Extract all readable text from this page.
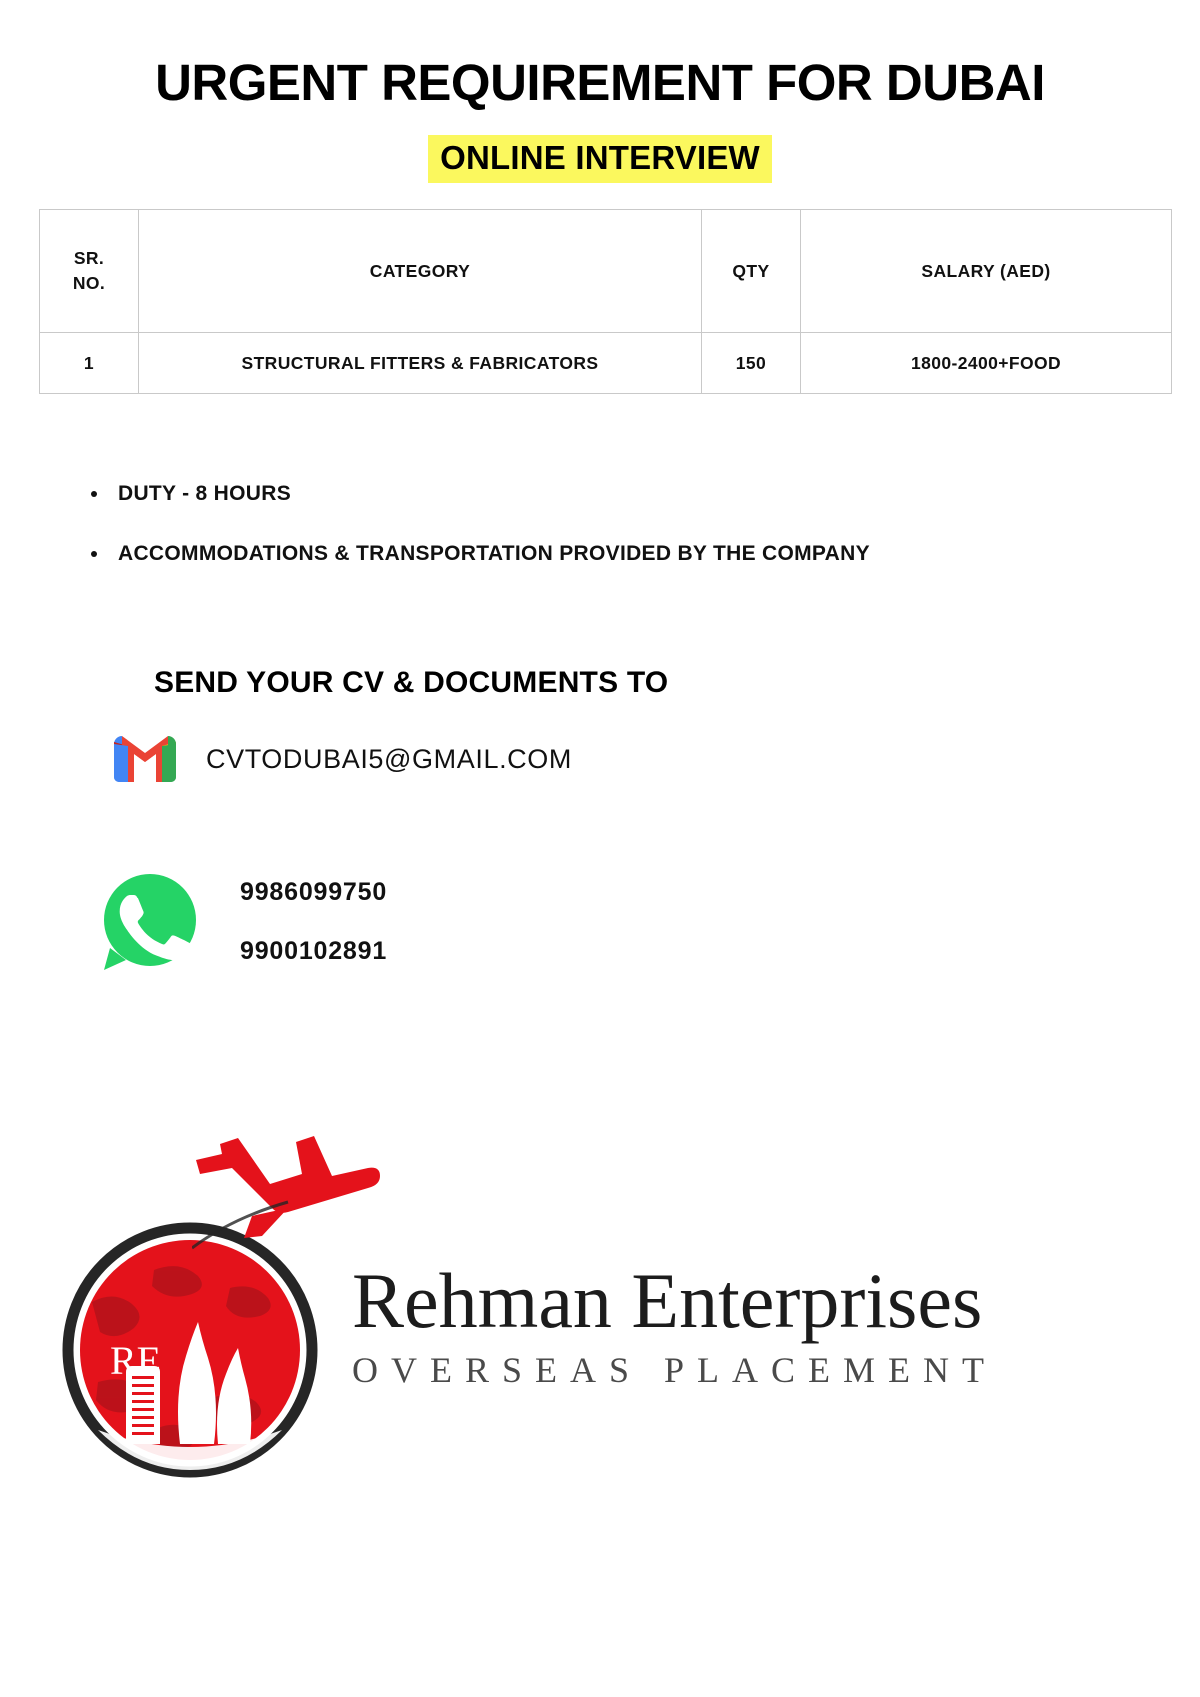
URGENT REQUIREMENT FOR DUBAI
ONLINE INTERVIEW
SR.
NO.	CATEGORY	QTY	SALARY (AED)
1	STRUCTURAL FITTERS & FABRICATORS	150	1800-2400+FOOD
• DUTY - 8 HOURS
• ACCOMMODATIONS & TRANSPORTATION PROVIDED BY THE COMPANY
SEND YOUR CV & DOCUMENTS TO
CVTODUBAI5@GMAIL.COM
9986099750
9900102891
RE
Rehman Enterprises
OVERSEAS PLACEMENT
